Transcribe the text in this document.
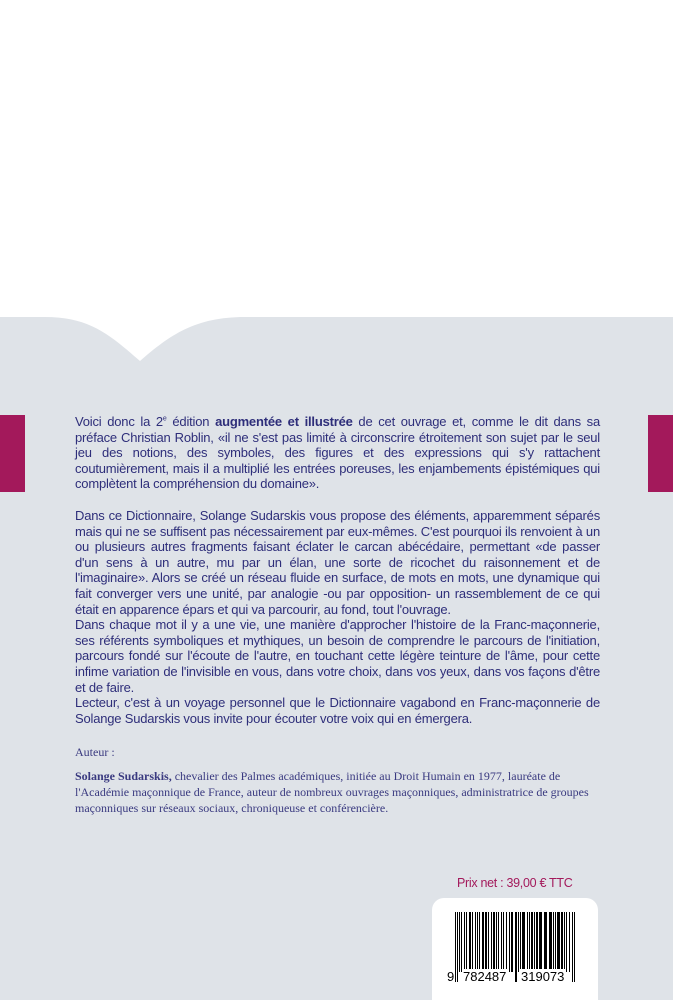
Voici donc la 2e édition augmentée et illustrée de cet ouvrage et, comme le dit dans sa préface Christian Roblin, «il ne s'est pas limité à circonscrire étroitement son sujet par le seul jeu des notions, des symboles, des figures et des expressions qui s'y rattachent coutumièrement, mais il a multiplié les entrées poreuses, les enjambements épistémiques qui complètent la compréhension du domaine».

Dans ce Dictionnaire, Solange Sudarskis vous propose des éléments, apparemment séparés mais qui ne se suffisent pas nécessairement par eux-mêmes. C'est pourquoi ils renvoient à un ou plusieurs autres fragments faisant éclater le carcan abécédaire, permettant «de passer d'un sens à un autre, mu par un élan, une sorte de ricochet du raisonnement et de l'imaginaire». Alors se créé un réseau fluide en surface, de mots en mots, une dynamique qui fait converger vers une unité, par analogie -ou par opposition- un rassemblement de ce qui était en apparence épars et qui va parcourir, au fond, tout l'ouvrage.

Dans chaque mot il y a une vie, une manière d'approcher l'histoire de la Franc-maçonnerie, ses référents symboliques et mythiques, un besoin de comprendre le parcours de l'initiation, parcours fondé sur l'écoute de l'autre, en touchant cette légère teinture de l'âme, pour cette infime variation de l'invisible en vous, dans votre choix, dans vos yeux, dans vos façons d'être et de faire.

Lecteur, c'est à un voyage personnel que le Dictionnaire vagabond en Franc-maçonnerie de Solange Sudarskis vous invite pour écouter votre voix qui en émergera.

Auteur :
Solange Sudarskis, chevalier des Palmes académiques, initiée au Droit Humain en 1977, lauréate de l'Académie maçonnique de France, auteur de nombreux ouvrages maçonniques, administratrice de groupes maçonniques sur réseaux sociaux, chroniqueuse et conférencière.
Prix net : 39,00 € TTC
9 782487 319073
